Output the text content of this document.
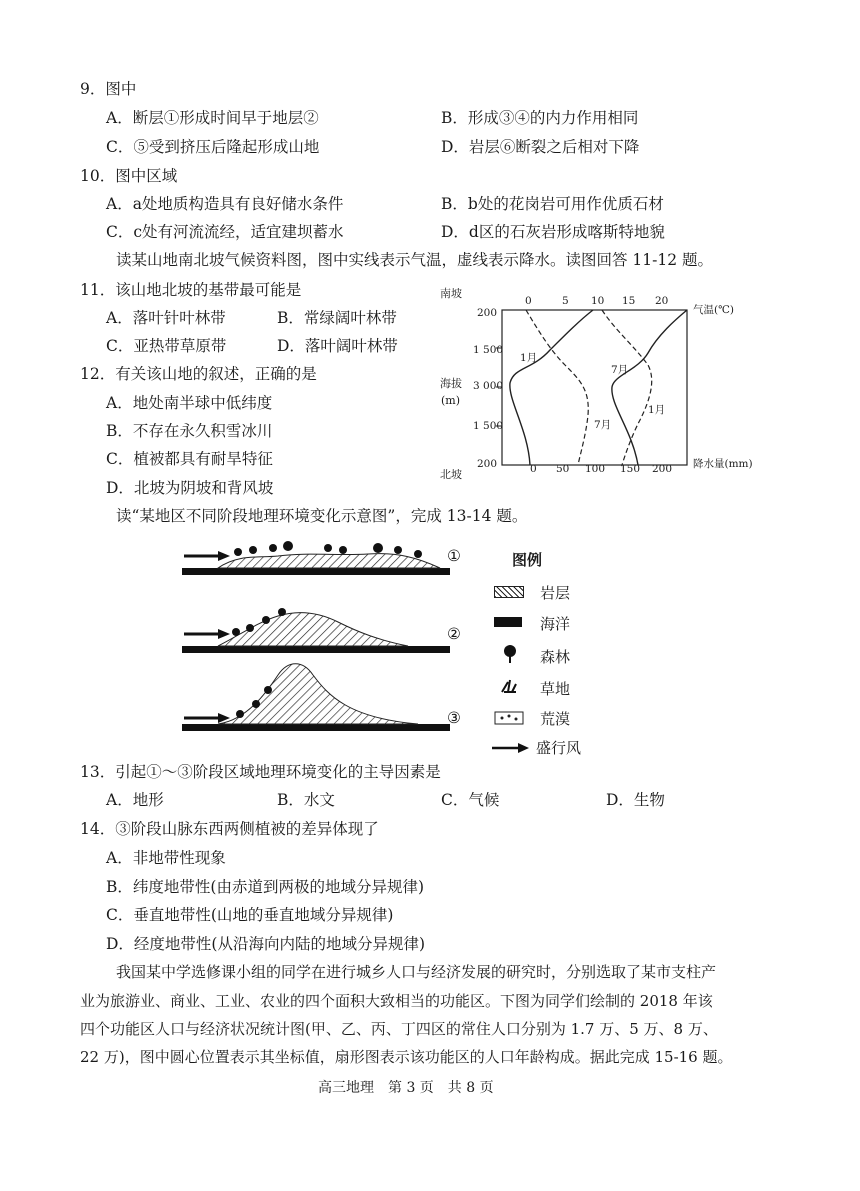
9．图中
A．断层①形成时间早于地层②	B．形成③④的内力作用相同
C．⑤受到挤压后隆起形成山地	D．岩层⑥断裂之后相对下降
10．图中区域
A．a处地质构造具有良好储水条件	B．b处的花岗岩可用作优质石材
C．c处有河流流经，适宜建坝蓄水	D．d区的石灰岩形成喀斯特地貌
读某山地南北坡气候资料图，图中实线表示气温，虚线表示降水。读图回答 11-12 题。
11．该山地北坡的基带最可能是
A．落叶针叶林带	B．常绿阔叶林带
C．亚热带草原带	D．落叶阔叶林带
12．有关该山地的叙述，正确的是
A．地处南半球中低纬度
B．不存在永久积雪冰川
C．植被都具有耐旱特征
D．北坡为阴坡和背风坡
南坡
北坡
海拔
(m)
200
1 500
3 000
1 500
200
0	5 10 15 20
气温(℃)
0 50 100 150 200 降水量(mm)
1月
7月
1月
7月
读“某地区不同阶段地理环境变化示意图”，完成 13-14 题。
①
②
③
图例
岩层
海洋
森林
草地
荒漠
盛行风
13．引起①～③阶段区域地理环境变化的主导因素是
A．地形	B．水文	C．气候	D．生物
14．③阶段山脉东西两侧植被的差异体现了
A．非地带性现象
B．纬度地带性(由赤道到两极的地域分异规律)
C．垂直地带性(山地的垂直地域分异规律)
D．经度地带性(从沿海向内陆的地域分异规律)
我国某中学选修课小组的同学在进行城乡人口与经济发展的研究时，分别选取了某市支柱产
业为旅游业、商业、工业、农业的四个面积大致相当的功能区。下图为同学们绘制的 2018 年该
四个功能区人口与经济状况统计图(甲、乙、丙、丁四区的常住人口分别为 1.7 万、5 万、8 万、
22 万)，图中圆心位置表示其坐标值，扇形图表示该功能区的人口年龄构成。据此完成 15-16 题。
高三地理　第 3 页　共 8 页
